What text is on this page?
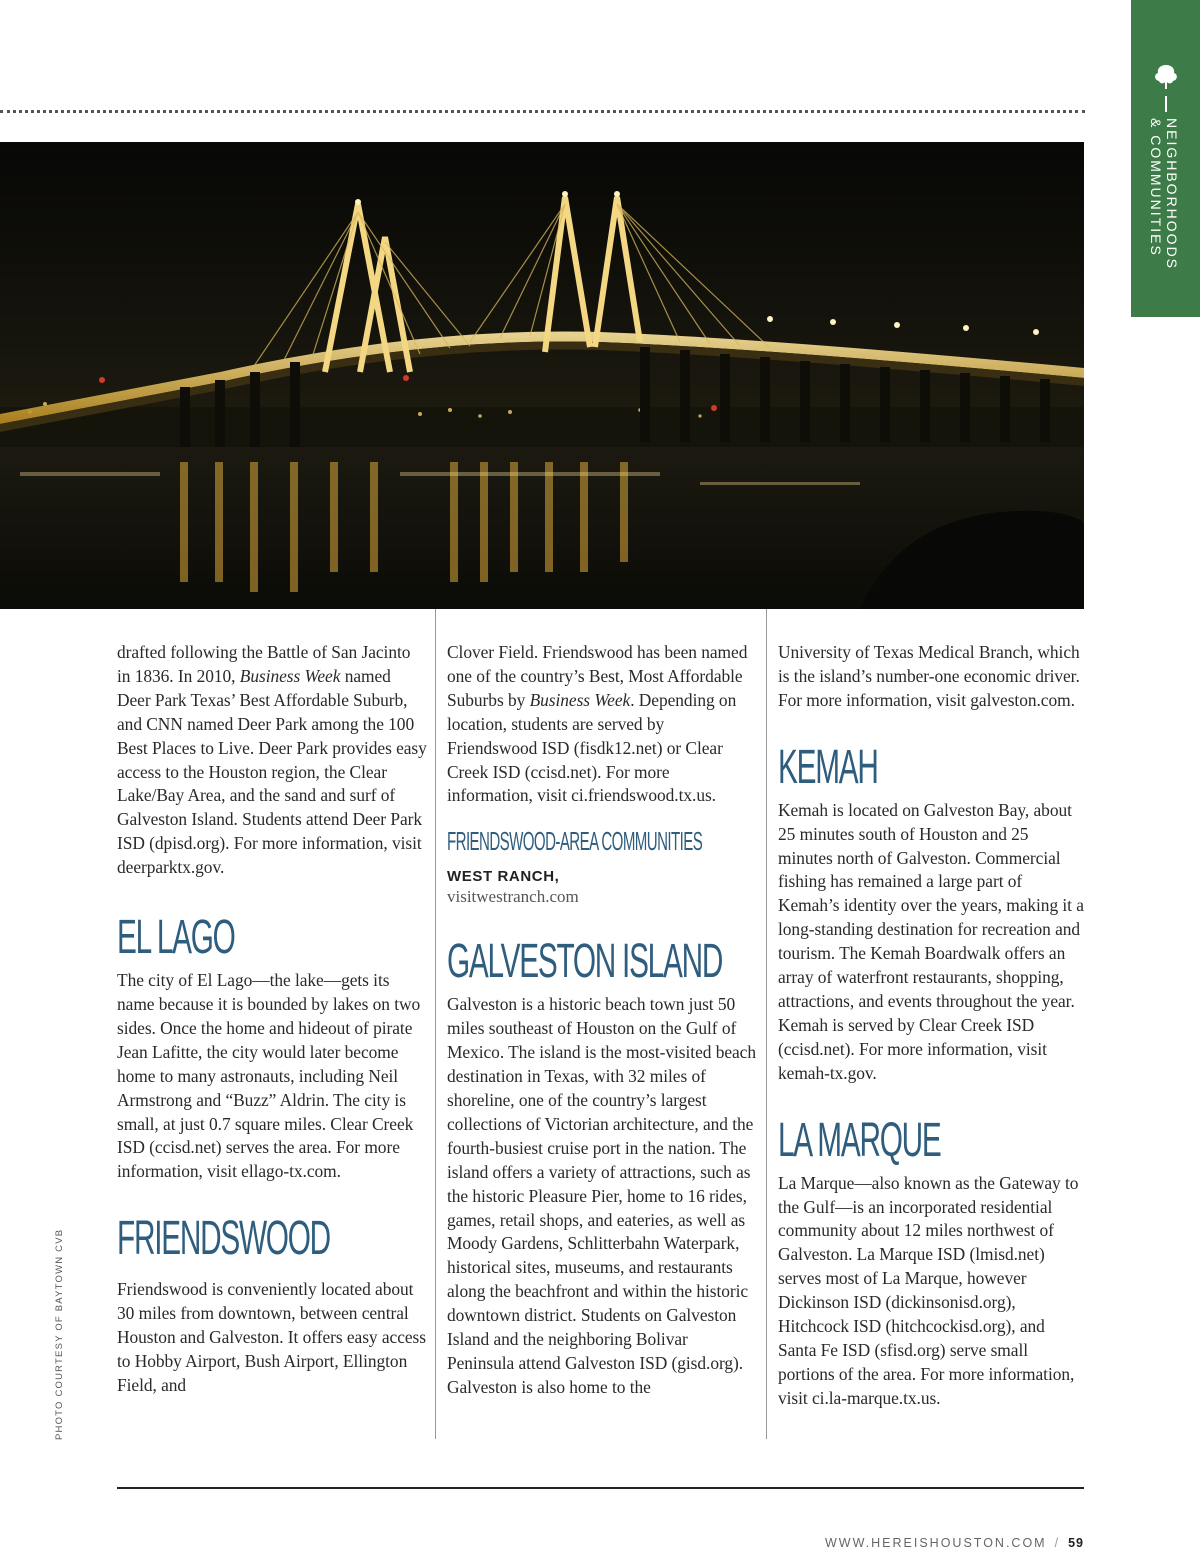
NEIGHBORHOODS
& COMMUNITIES
PHOTO COURTESY OF BAYTOWN CVB

drafted following the Battle of San Jacinto in 1836. In 2010, Business Week named Deer Park Texas’ Best Affordable Suburb, and CNN named Deer Park among the 100 Best Places to Live. Deer Park provides easy access to the Houston region, the Clear Lake/Bay Area, and the sand and surf of Galveston Island. Students attend Deer Park ISD (dpisd.org). For more information, visit deerparktx.gov.

EL LAGO

The city of El Lago—the lake—gets its name because it is bounded by lakes on two sides. Once the home and hideout of pirate Jean Lafitte, the city would later become home to many astronauts, including Neil Armstrong and “Buzz” Aldrin. The city is small, at just 0.7 square miles. Clear Creek ISD (ccisd.net) serves the area. For more information, visit ellago-tx.com.

FRIENDSWOOD

Friendswood is conveniently located about 30 miles from downtown, between central Houston and Galveston. It offers easy access to Hobby Airport, Bush Airport, Ellington Field, and

Clover Field. Friendswood has been named one of the country’s Best, Most Affordable Suburbs by Business Week. Depending on location, students are served by Friendswood ISD (fisdk12.net) or Clear Creek ISD (ccisd.net). For more information, visit ci.friendswood.tx.us.

FRIENDSWOOD-AREA COMMUNITIES
WEST RANCH,
visitwestranch.com
GALVESTON ISLAND

Galveston is a historic beach town just 50 miles southeast of Houston on the Gulf of Mexico. The island is the most-visited beach destination in Texas, with 32 miles of shoreline, one of the country’s largest collections of Victorian architecture, and the fourth-busiest cruise port in the nation. The island offers a variety of attractions, such as the historic Pleasure Pier, home to 16 rides, games, retail shops, and eateries, as well as Moody Gardens, Schlitterbahn Waterpark, historical sites, museums, and restaurants along the beachfront and within the historic downtown district. Students on Galveston Island and the neighboring Bolivar Peninsula attend Galveston ISD (gisd.org). Galveston is also home to the

University of Texas Medical Branch, which is the island’s number-one economic driver. For more information, visit galveston.com.

KEMAH

Kemah is located on Galveston Bay, about 25 minutes south of Houston and 25 minutes north of Galveston. Commercial fishing has remained a large part of Kemah’s identity over the years, making it a long-standing destination for recreation and tourism. The Kemah Boardwalk offers an array of waterfront restaurants, shopping, attractions, and events throughout the year. Kemah is served by Clear Creek ISD (ccisd.net). For more information, visit kemah-tx.gov.

LA MARQUE

La Marque—also known as the Gateway to the Gulf—is an incorporated residential community about 12 miles northwest of Galveston. La Marque ISD (lmisd.net) serves most of La Marque, however Dickinson ISD (dickinsonisd.org), Hitchcock ISD (hitchcockisd.org), and Santa Fe ISD (sfisd.org) serve small portions of the area. For more information, visit ci.la-marque.tx.us.

WWW.HEREISHOUSTON.COM / 59
